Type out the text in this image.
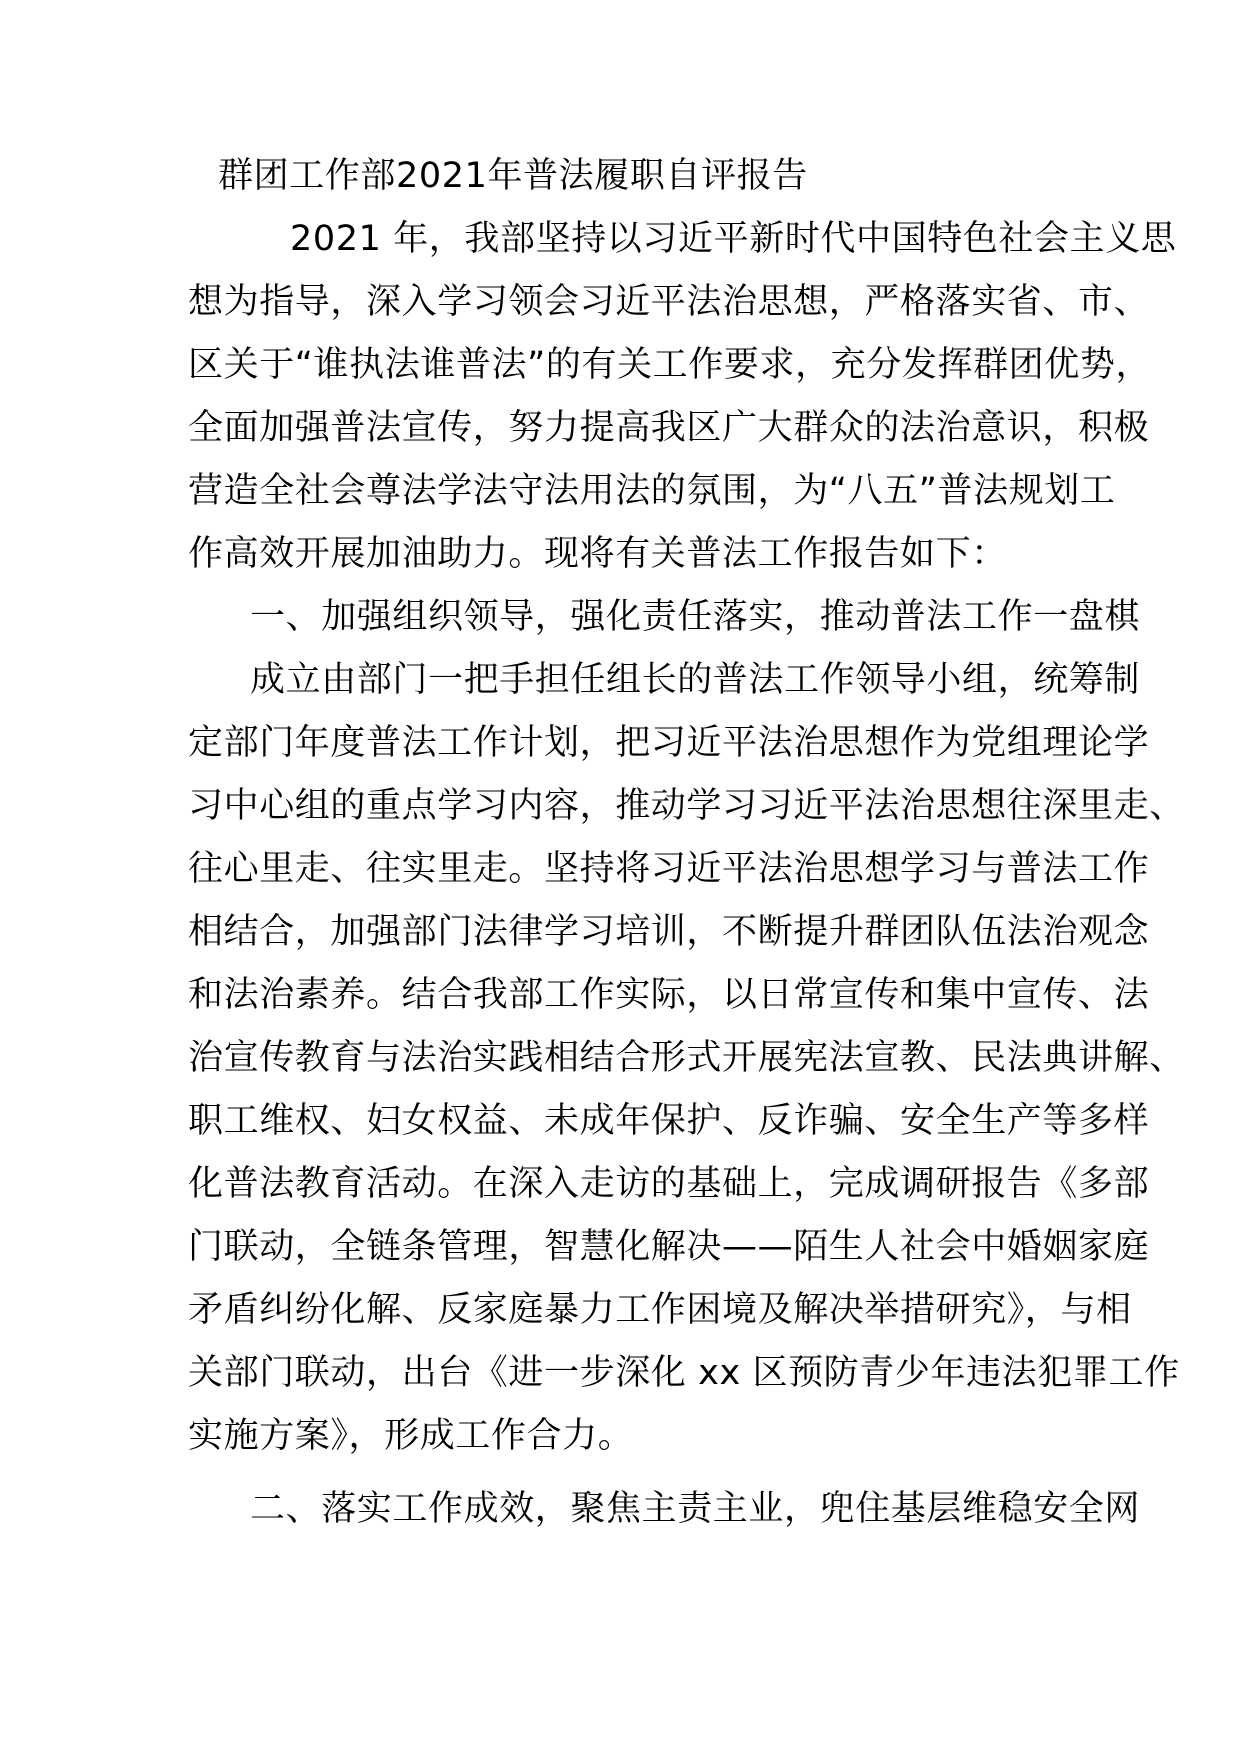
群团工作部2021年普法履职自评报告
2021 年，我部坚持以习近平新时代中国特色社会主义思
想为指导，深入学习领会习近平法治思想，严格落实省、市、
区关于“谁执法谁普法”的有关工作要求，充分发挥群团优势，
全面加强普法宣传，努力提高我区广大群众的法治意识，积极
营造全社会尊法学法守法用法的氛围，为“八五”普法规划工
作高效开展加油助力。现将有关普法工作报告如下：
一、加强组织领导，强化责任落实，推动普法工作一盘棋
成立由部门一把手担任组长的普法工作领导小组，统筹制
定部门年度普法工作计划，把习近平法治思想作为党组理论学
习中心组的重点学习内容，推动学习习近平法治思想往深里走、
往心里走、往实里走。坚持将习近平法治思想学习与普法工作
相结合，加强部门法律学习培训，不断提升群团队伍法治观念
和法治素养。结合我部工作实际，以日常宣传和集中宣传、法
治宣传教育与法治实践相结合形式开展宪法宣教、民法典讲解、
职工维权、妇女权益、未成年保护、反诈骗、安全生产等多样
化普法教育活动。在深入走访的基础上，完成调研报告《多部
门联动，全链条管理，智慧化解决——陌生人社会中婚姻家庭
矛盾纠纷化解、反家庭暴力工作困境及解决举措研究》，与相
关部门联动，出台《进一步深化 xx 区预防青少年违法犯罪工作
实施方案》，形成工作合力。
二、落实工作成效，聚焦主责主业，兜住基层维稳安全网
